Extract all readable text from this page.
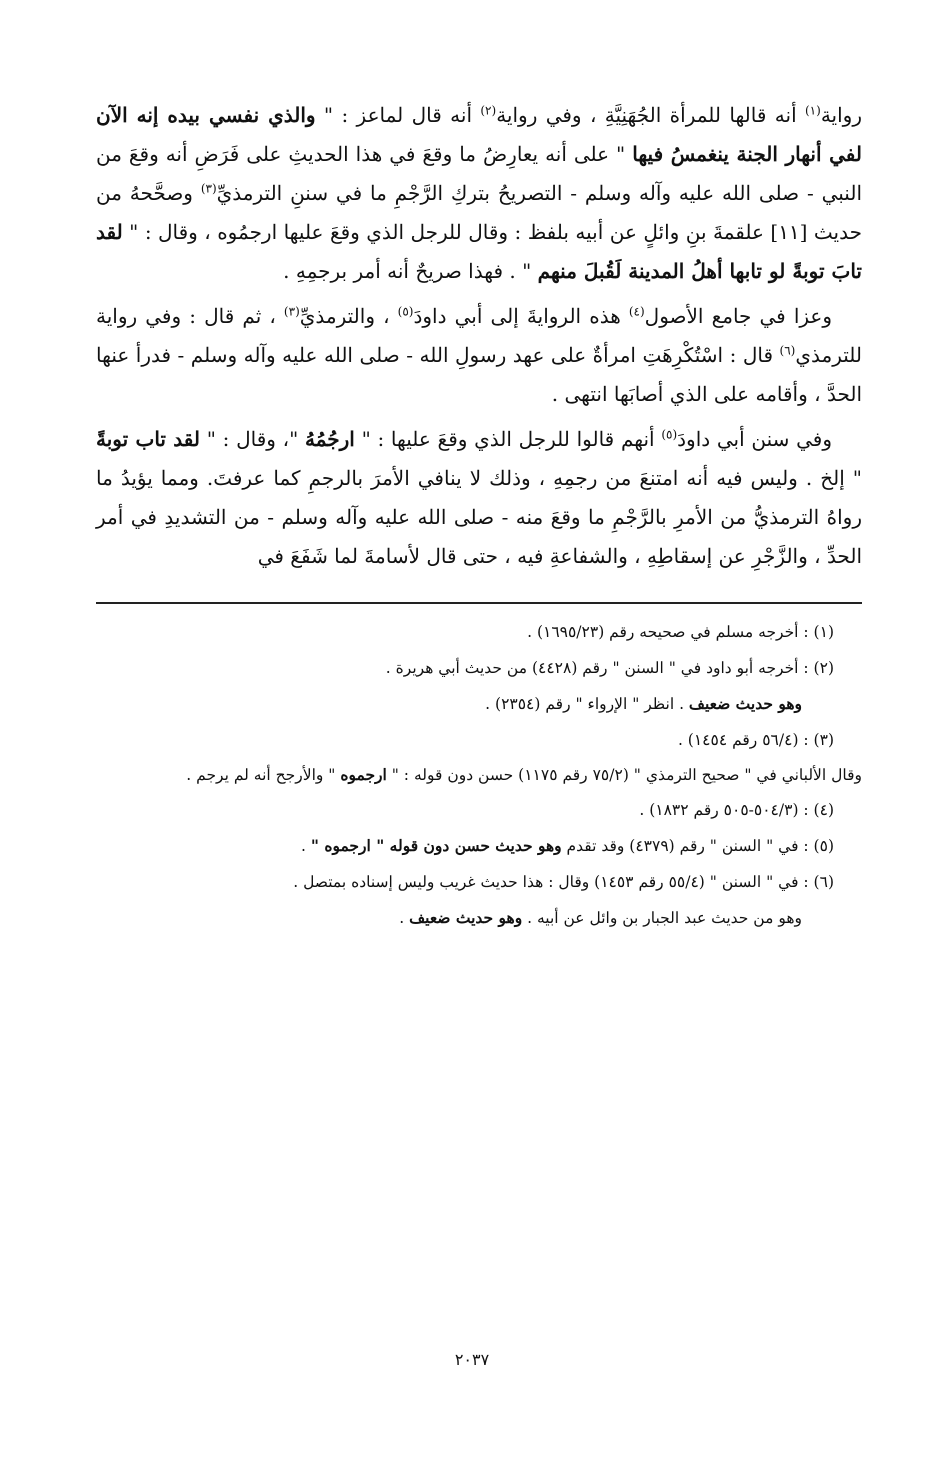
رواية$^{(١)}$ أنه قالها للمرأة الجُهَنِيَّةِ ، وفي رواية$^{(٢)}$ أنه قال لماعز : " والذي نفسي بيده إنه الآن لفي أنهار الجنة ينغمسُ فيها " على أنه يعارِضُ ما وقعَ في هذا الحديثِ على فَرَضِ أنه وقعَ من النبي - صلى الله عليه وآله وسلم - التصريحُ بتركِ الرَّجْمِ ما في سننِ الترمذيِّ$^{(٣)}$ وصحَّحهُ من حديث [١١] علقمةَ بنِ وائلٍ عن أبيه بلفظ : وقال للرجل الذي وقعَ عليها ارجمُوه ، وقال : " لقد تابَ توبةً لو تابها أهلُ المدينة لَقُبلَ منهم " . فهذا صريحٌ أنه أمر برجمِهِ .

وعزا في جامع الأصول$^{(٤)}$ هذه الروايةَ إلى أبي داودَ$^{(٥)}$ ، والترمذيِّ$^{(٣)}$ ، ثم قال : وفي رواية للترمذي$^{(٦)}$ قال : اسْتُكْرِهَتِ امرأةٌ على عهد رسولِ الله - صلى الله عليه وآله وسلم - فدرأ عنها الحدَّ ، وأقامه على الذي أصابَها انتهى .

وفي سنن أبي داودَ$^{(٥)}$ أنهم قالوا للرجل الذي وقعَ عليها : " ارجُمُهُ "، وقال : " لقد تاب توبةً " إلخ . وليس فيه أنه امتنعَ من رجمِهِ ، وذلك لا ينافي الأمرَ بالرجمِ كما عرفتَ. ومما يؤيدُ ما رواهُ الترمذيُّ من الأمرِ بالرَّجْمِ ما وقعَ منه - صلى الله عليه وآله وسلم - من التشديدِ في أمر الحدِّ ، والزَّجْرِ عن إسقاطِهِ ، والشفاعةِ فيه ، حتى قال لأسامةَ لما شَفَعَ في

(١) : أخرجه مسلم في صحيحه رقم (١٦٩٥/٢٣) .

(٢) : أخرجه أبو داود في " السنن " رقم (٤٤٢٨) من حديث أبي هريرة .

وهو حديث ضعيف . انظر " الإرواء " رقم (٢٣٥٤) .

(٣) : (٥٦/٤ رقم ١٤٥٤) .

وقال الألباني في " صحيح الترمذي " (٧٥/٢ رقم ١١٧٥) حسن دون قوله : " ارجموه " والأرجح أنه لم يرجم .

(٤) : (٥٠٤/٣-٥٠٥ رقم ١٨٣٢) .

(٥) : في " السنن " رقم (٤٣٧٩) وقد تقدم وهو حديث حسن دون قوله " ارجموه " .

(٦) : في " السنن " (٥٥/٤ رقم ١٤٥٣) وقال : هذا حديث غريب وليس إسناده بمتصل .

وهو من حديث عبد الجبار بن وائل عن أبيه . وهو حديث ضعيف .

٢٠٣٧
